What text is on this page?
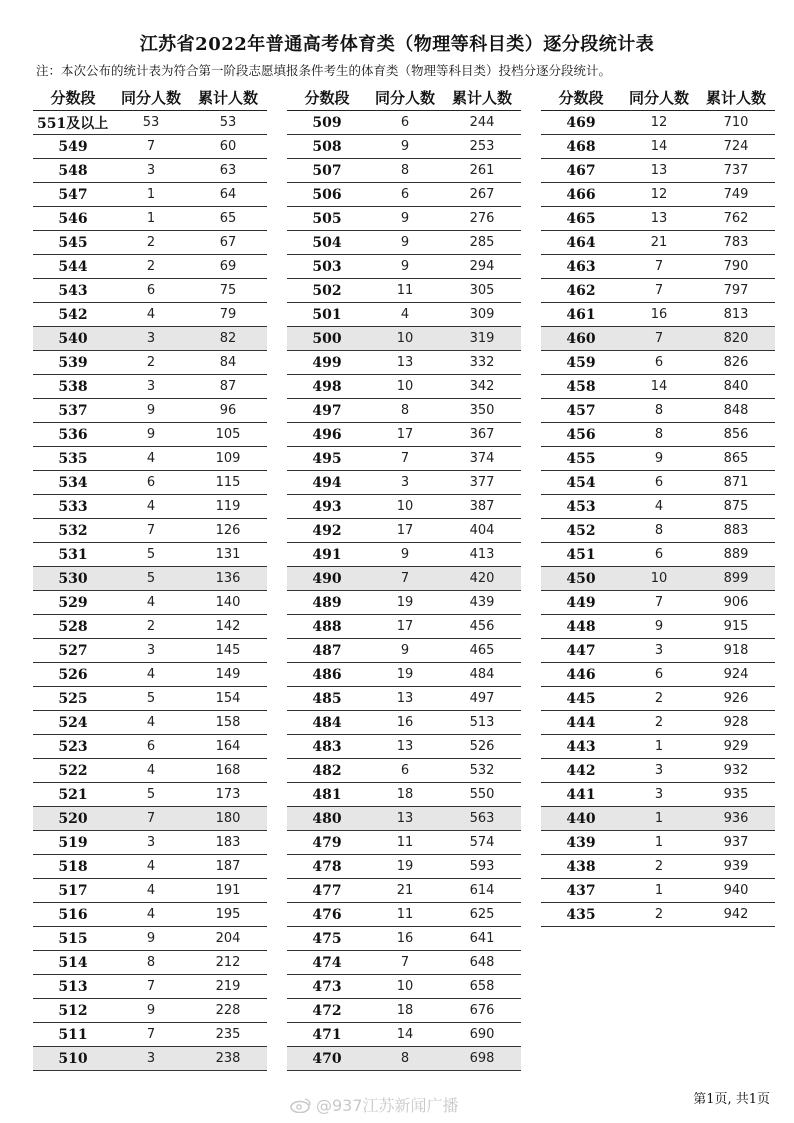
江苏省2022年普通高考体育类（物理等科目类）逐分段统计表
注：本次公布的统计表为符合第一阶段志愿填报条件考生的体育类（物理等科目类）投档分逐分段统计。
分数段	同分人数	累计人数
551及以上	53	53
549	7	60
548	3	63
547	1	64
546	1	65
545	2	67
544	2	69
543	6	75
542	4	79
540	3	82
539	2	84
538	3	87
537	9	96
536	9	105
535	4	109
534	6	115
533	4	119
532	7	126
531	5	131
530	5	136
529	4	140
528	2	142
527	3	145
526	4	149
525	5	154
524	4	158
523	6	164
522	4	168
521	5	173
520	7	180
519	3	183
518	4	187
517	4	191
516	4	195
515	9	204
514	8	212
513	7	219
512	9	228
511	7	235
510	3	238
分数段	同分人数	累计人数
509	6	244
508	9	253
507	8	261
506	6	267
505	9	276
504	9	285
503	9	294
502	11	305
501	4	309
500	10	319
499	13	332
498	10	342
497	8	350
496	17	367
495	7	374
494	3	377
493	10	387
492	17	404
491	9	413
490	7	420
489	19	439
488	17	456
487	9	465
486	19	484
485	13	497
484	16	513
483	13	526
482	6	532
481	18	550
480	13	563
479	11	574
478	19	593
477	21	614
476	11	625
475	16	641
474	7	648
473	10	658
472	18	676
471	14	690
470	8	698
分数段	同分人数	累计人数
469	12	710
468	14	724
467	13	737
466	12	749
465	13	762
464	21	783
463	7	790
462	7	797
461	16	813
460	7	820
459	6	826
458	14	840
457	8	848
456	8	856
455	9	865
454	6	871
453	4	875
452	8	883
451	6	889
450	10	899
449	7	906
448	9	915
447	3	918
446	6	924
445	2	926
444	2	928
443	1	929
442	3	932
441	3	935
440	1	936
439	1	937
438	2	939
437	1	940
435	2	942
@937江苏新闻广播	第1页, 共1页
